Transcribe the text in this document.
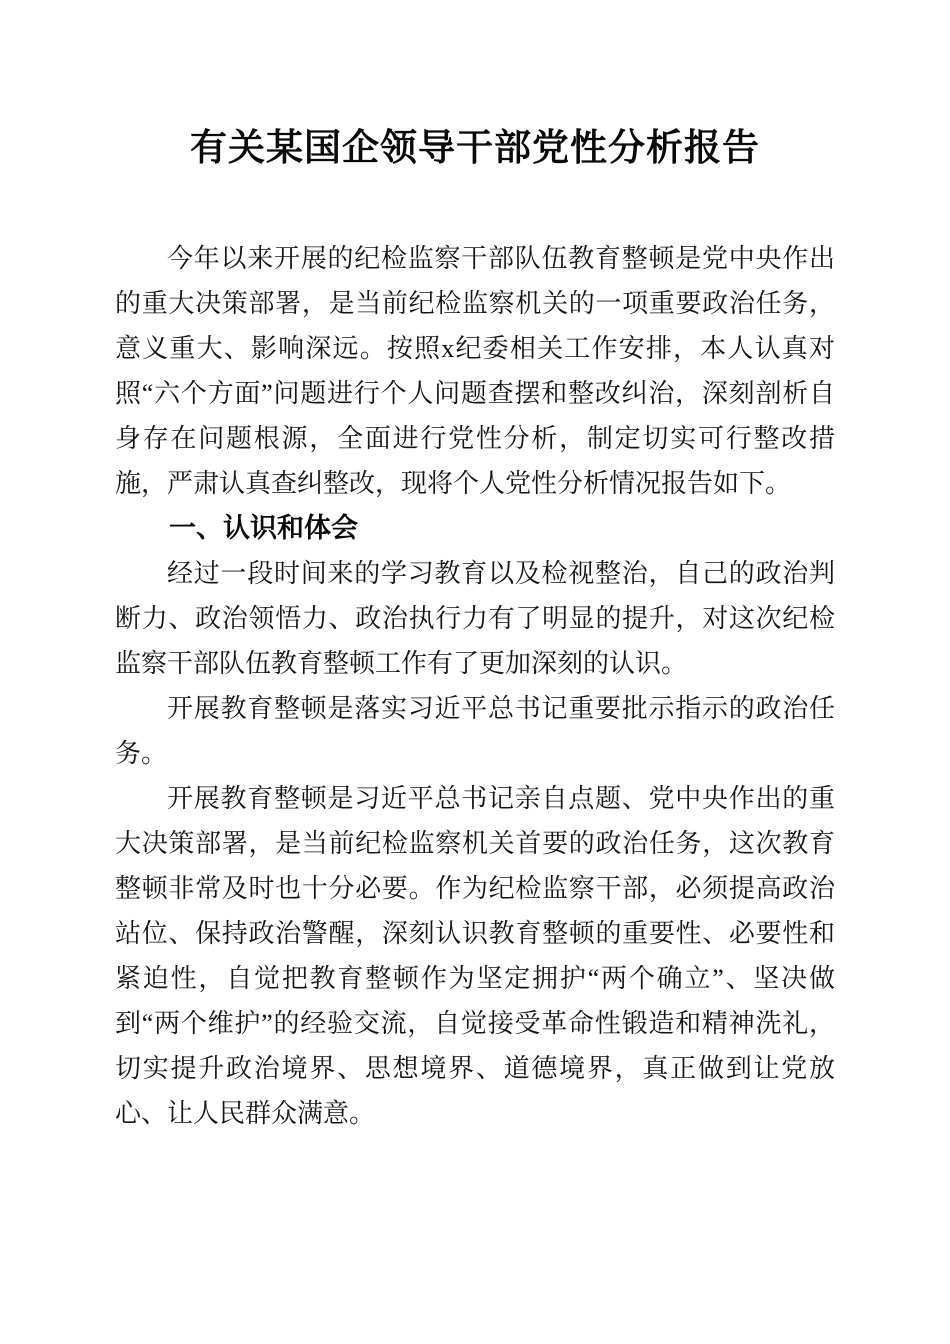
有关某国企领导干部党性分析报告

今年以来开展的纪检监察干部队伍教育整顿是党中央作出的重大决策部署，是当前纪检监察机关的一项重要政治任务，意义重大、影响深远。按照x纪委相关工作安排，本人认真对照“六个方面”问题进行个人问题查摆和整改纠治，深刻剖析自身存在问题根源，全面进行党性分析，制定切实可行整改措施，严肃认真查纠整改，现将个人党性分析情况报告如下。

一、认识和体会

经过一段时间来的学习教育以及检视整治，自己的政治判断力、政治领悟力、政治执行力有了明显的提升，对这次纪检监察干部队伍教育整顿工作有了更加深刻的认识。

开展教育整顿是落实习近平总书记重要批示指示的政治任务。

开展教育整顿是习近平总书记亲自点题、党中央作出的重大决策部署，是当前纪检监察机关首要的政治任务，这次教育整顿非常及时也十分必要。作为纪检监察干部，必须提高政治站位、保持政治警醒，深刻认识教育整顿的重要性、必要性和紧迫性，自觉把教育整顿作为坚定拥护“两个确立”、坚决做到“两个维护”的经验交流，自觉接受革命性锻造和精神洗礼，切实提升政治境界、思想境界、道德境界，真正做到让党放心、让人民群众满意。
